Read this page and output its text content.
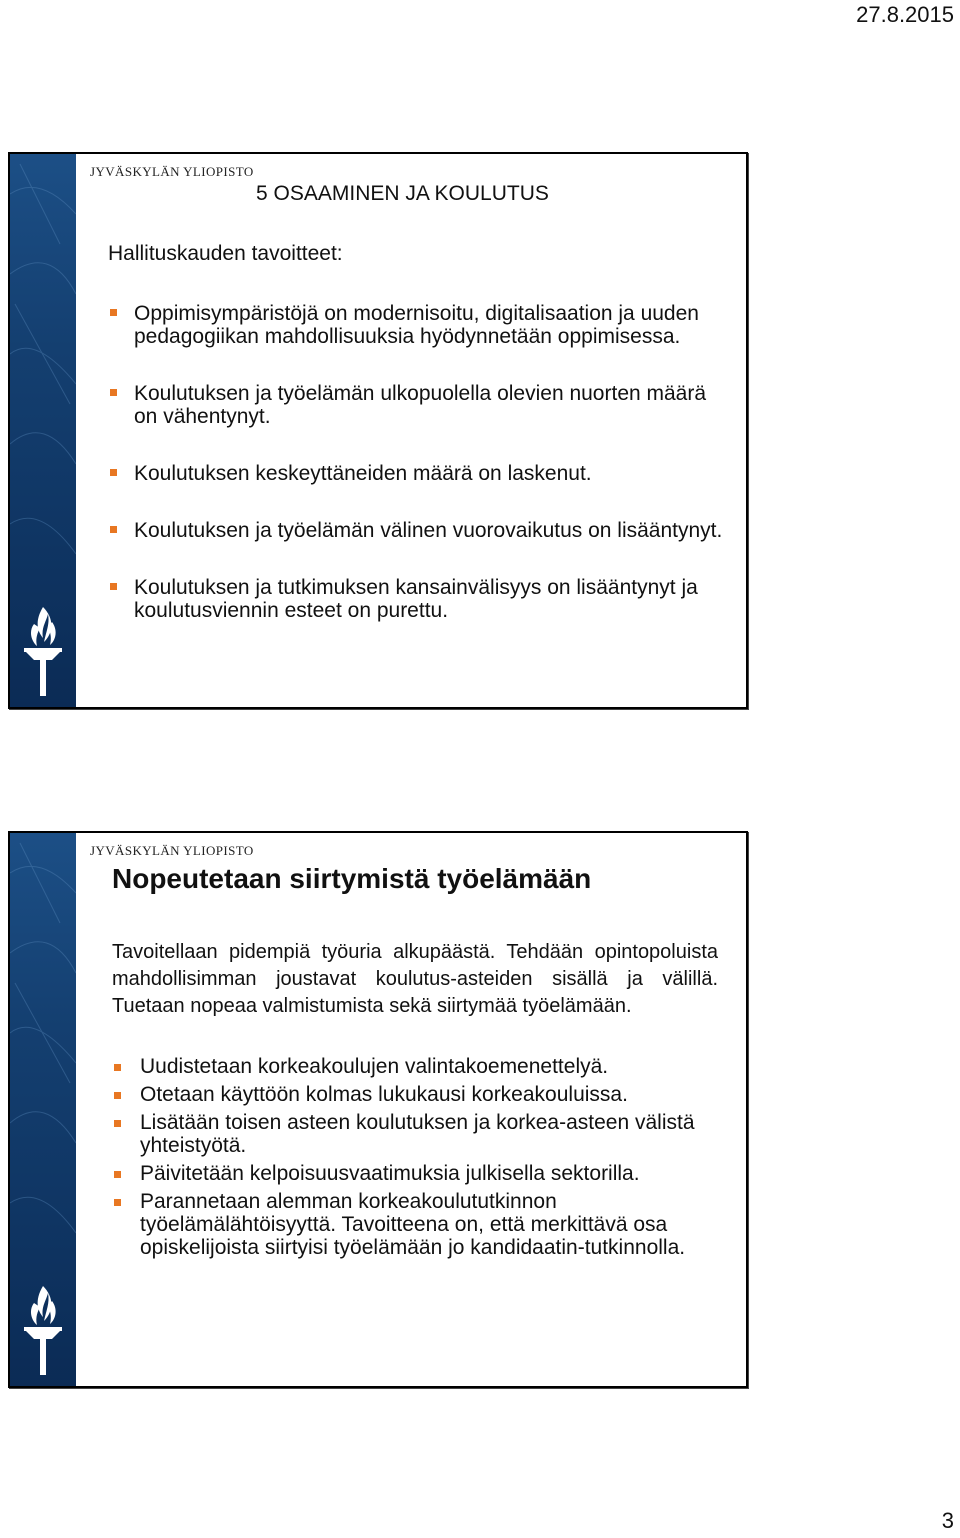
27.8.2015
JYVÄSKYLÄN YLIOPISTO
5 OSAAMINEN JA KOULUTUS
Hallituskauden tavoitteet:
Oppimisympäristöjä on modernisoitu, digitalisaation ja uuden pedagogiikan mahdollisuuksia hyödynnetään oppimisessa.
Koulutuksen ja työelämän ulkopuolella olevien nuorten määrä on vähentynyt.
Koulutuksen keskeyttäneiden määrä on laskenut.
Koulutuksen ja työelämän välinen vuorovaikutus on lisääntynyt.
Koulutuksen ja tutkimuksen kansainvälisyys on lisääntynyt ja koulutusviennin esteet on purettu.
JYVÄSKYLÄN YLIOPISTO
Nopeutetaan siirtymistä työelämään
Tavoitellaan pidempiä työuria alkupäästä. Tehdään opintopoluista mahdollisimman joustavat koulutus-asteiden sisällä ja välillä. Tuetaan nopeaa valmistumista sekä siirtymää työelämään.
Uudistetaan korkeakoulujen valintakoemenettelyä.
Otetaan käyttöön kolmas lukukausi korkeakouluissa.
Lisätään toisen asteen koulutuksen ja korkea-asteen välistä yhteistyötä.
Päivitetään kelpoisuusvaatimuksia julkisella sektorilla.
Parannetaan alemman korkeakoulututkinnon työelämälähtöisyyttä. Tavoitteena on, että merkittävä osa opiskelijoista siirtyisi työelämään jo kandidaatin-tutkinnolla.
3
